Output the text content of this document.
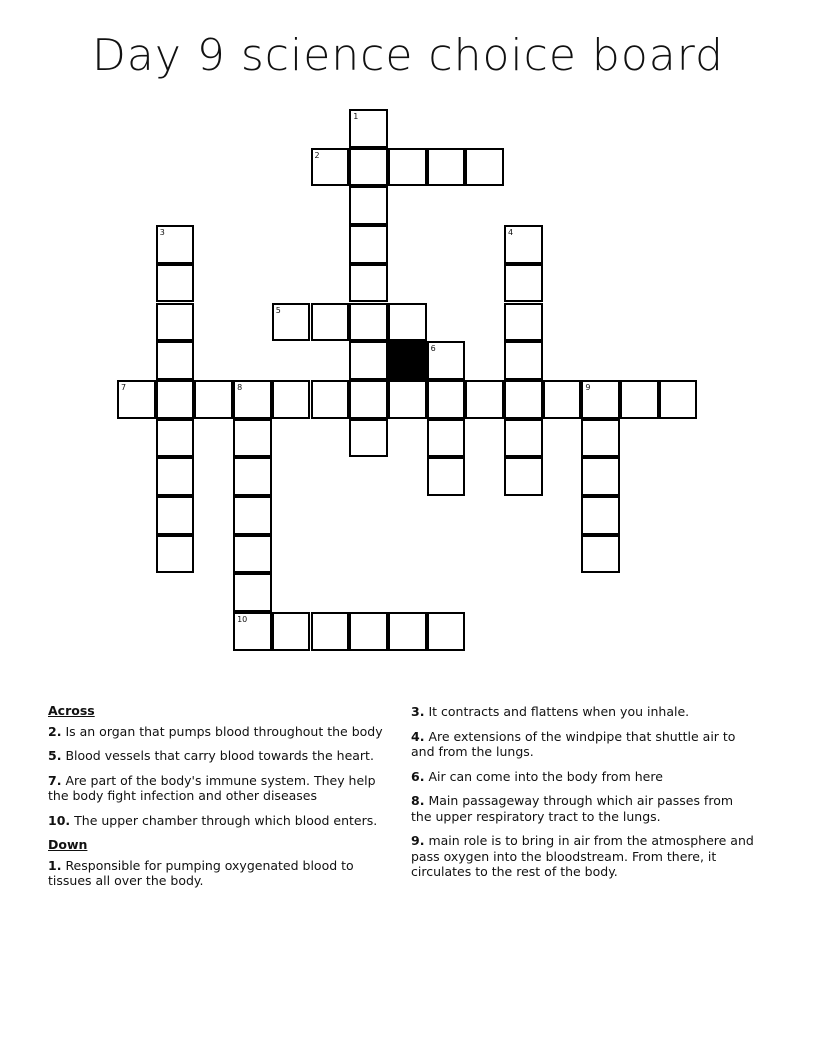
Day 9 science choice board
1
2
3	4
5
6
7	8	9
10
Across
2. Is an organ that pumps blood throughout the body
5. Blood vessels that carry blood towards the heart.
7. Are part of the body's immune system. They help the body fight infection and other diseases
10. The upper chamber through which blood enters.
Down
1. Responsible for pumping oxygenated blood to tissues all over the body.
3. It contracts and flattens when you inhale.
4. Are extensions of the windpipe that shuttle air to and from the lungs.
6. Air can come into the body from here
8. Main passageway through which air passes from the upper respiratory tract to the lungs.
9. main role is to bring in air from the atmosphere and pass oxygen into the bloodstream. From there, it circulates to the rest of the body.
